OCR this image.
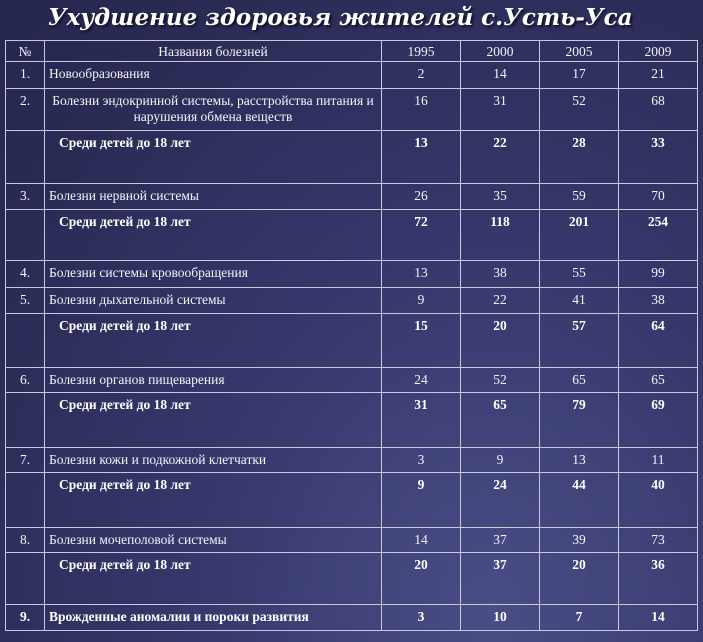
Ухудшение здоровья жителей с.Усть-Уса
№	Названия болезней	1995	2000	2005	2009
1.	Новообразования	2	14	17	21
2.	Болезни эндокринной системы, расстройства питания и нарушения обмена веществ	16	31	52	68
	Среди детей до 18 лет	13	22	28	33
3.	Болезни нервной системы	26	35	59	70
	Среди детей до 18 лет	72	118	201	254
4.	Болезни системы кровообращения	13	38	55	99
5.	Болезни дыхательной системы	9	22	41	38
	Среди детей до 18 лет	15	20	57	64
6.	Болезни органов пищеварения	24	52	65	65
	Среди детей до 18 лет	31	65	79	69
7.	Болезни кожи и подкожной клетчатки	3	9	13	11
	Среди детей до 18 лет	9	24	44	40
8.	Болезни мочеполовой системы	14	37	39	73
	Среди детей до 18 лет	20	37	20	36
9.	Врожденные аномалии и пороки развития	3	10	7	14
